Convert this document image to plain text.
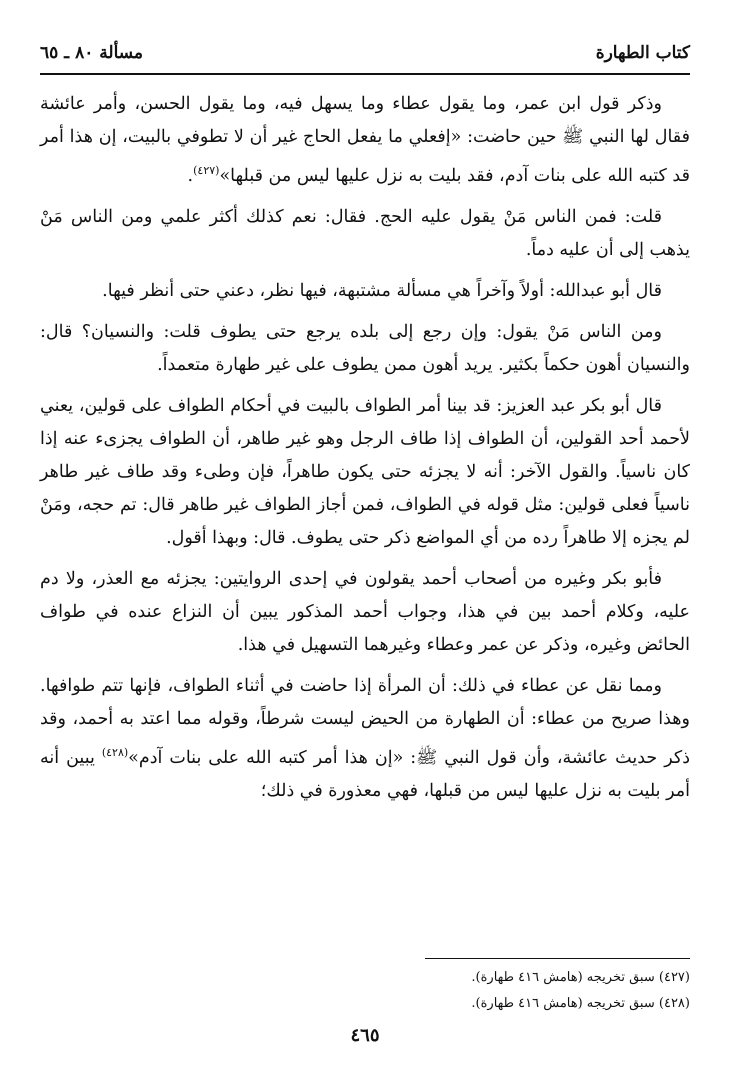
كتاب الطهارة
مسألة ٨٠ ـ ٦٥

وذكر قول ابن عمر، وما يقول عطاء وما يسهل فيه، وما يقول الحسن، وأمر عائشة فقال لها النبي ﷺ حين حاضت: «إفعلي ما يفعل الحاج غير أن لا تطوفي بالبيت، إن هذا أمر قد كتبه الله على بنات آدم، فقد بليت به نزل عليها ليس من قبلها»$^{(٤٢٧)}$.

قلت: فمن الناس مَنْ يقول عليه الحج. فقال: نعم كذلك أكثر علمي ومن الناس مَنْ يذهب إلى أن عليه دماً.

قال أبو عبدالله: أولاً وآخراً هي مسألة مشتبهة، فيها نظر، دعني حتى أنظر فيها.

ومن الناس مَنْ يقول: وإن رجع إلى بلده يرجع حتى يطوف قلت: والنسيان؟ قال: والنسيان أهون حكماً بكثير. يريد أهون ممن يطوف على غير طهارة متعمداً.

قال أبو بكر عبد العزيز: قد بينا أمر الطواف بالبيت في أحكام الطواف على قولين، يعني لأحمد أحد القولين، أن الطواف إذا طاف الرجل وهو غير طاهر، أن الطواف يجزىء عنه إذا كان ناسياً. والقول الآخر: أنه لا يجزئه حتى يكون طاهراً، فإن وطىء وقد طاف غير طاهر ناسياً فعلى قولين: مثل قوله في الطواف، فمن أجاز الطواف غير طاهر قال: تم حجه، ومَنْ لم يجزه إلا طاهراً رده من أي المواضع ذكر حتى يطوف. قال: وبهذا أقول.

فأبو بكر وغيره من أصحاب أحمد يقولون في إحدى الروايتين: يجزئه مع العذر، ولا دم عليه، وكلام أحمد بين في هذا، وجواب أحمد المذكور يبين أن النزاع عنده في طواف الحائض وغيره، وذكر عن عمر وعطاء وغيرهما التسهيل في هذا.

ومما نقل عن عطاء في ذلك: أن المرأة إذا حاضت في أثناء الطواف، فإنها تتم طوافها. وهذا صريح من عطاء: أن الطهارة من الحيض ليست شرطاً، وقوله مما اعتد به أحمد، وقد ذكر حديث عائشة، وأن قول النبي ﷺ: «إن هذا أمر كتبه الله على بنات آدم»$^{(٤٢٨)}$ يبين أنه أمر بليت به نزل عليها ليس من قبلها، فهي معذورة في ذلك؛

(٤٢٧) سبق تخريجه (هامش ٤١٦ طهارة).
(٤٢٨) سبق تخريجه (هامش ٤١٦ طهارة).
٤٦٥
